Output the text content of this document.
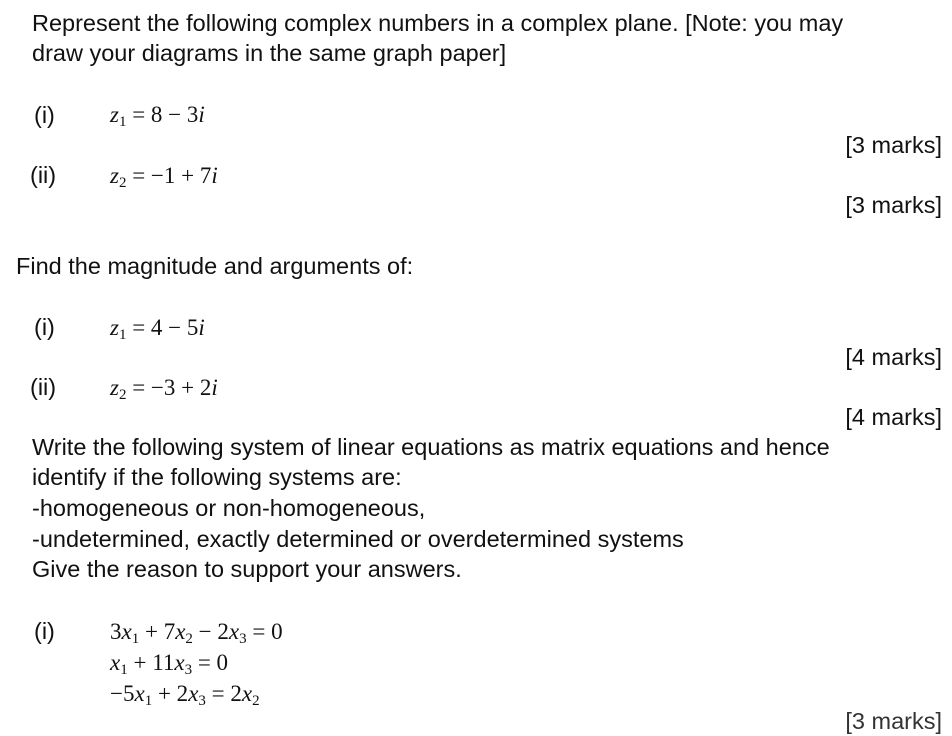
Represent the following complex numbers in a complex plane. [Note: you may
draw your diagrams in the same graph paper]
(i) $z_1 = 8 - 3i$
[3 marks]
(ii) $z_2 = -1 + 7i$
[3 marks]
Find the magnitude and arguments of:
(i) $z_1 = 4 - 5i$
[4 marks]
(ii) $z_2 = -3 + 2i$
[4 marks]
Write the following system of linear equations as matrix equations and hence
identify if the following systems are:
-homogeneous or non-homogeneous,
-undetermined, exactly determined or overdetermined systems
Give the reason to support your answers.
(i) $3x_1 + 7x_2 - 2x_3 = 0$
$x_1 + 11x_3 = 0$
$-5x_1 + 2x_3 = 2x_2$
[3 marks]
